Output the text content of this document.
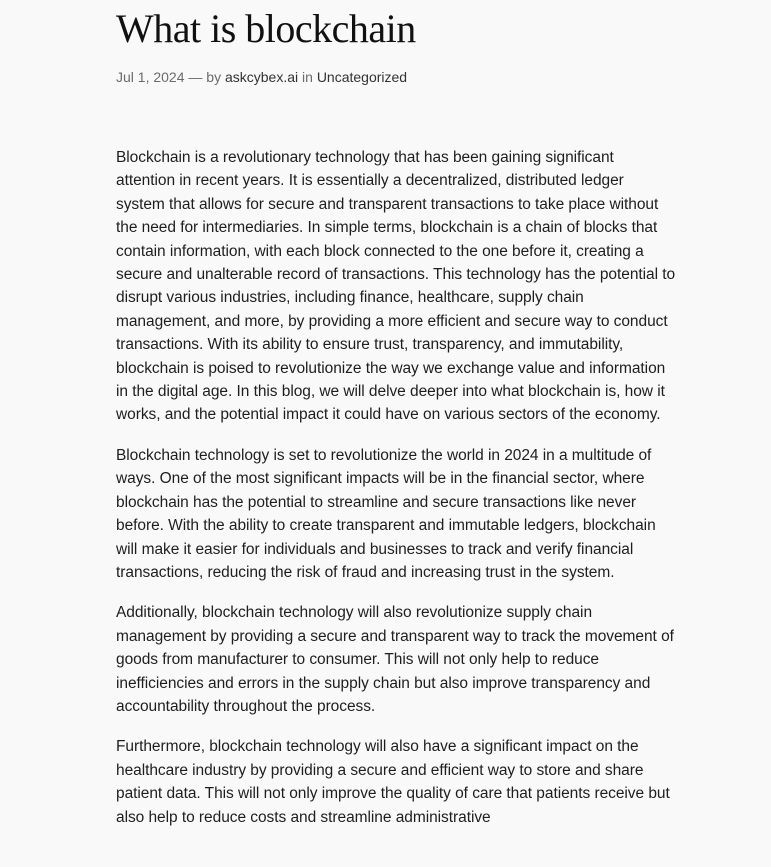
What is blockchain
Jul 1, 2024 — by askcybex.ai in Uncategorized

Blockchain is a revolutionary technology that has been gaining significant attention in recent years. It is essentially a decentralized, distributed ledger system that allows for secure and transparent transactions to take place without the need for intermediaries. In simple terms, blockchain is a chain of blocks that contain information, with each block connected to the one before it, creating a secure and unalterable record of transactions. This technology has the potential to disrupt various industries, including finance, healthcare, supply chain management, and more, by providing a more efficient and secure way to conduct transactions. With its ability to ensure trust, transparency, and immutability, blockchain is poised to revolutionize the way we exchange value and information in the digital age. In this blog, we will delve deeper into what blockchain is, how it works, and the potential impact it could have on various sectors of the economy.

Blockchain technology is set to revolutionize the world in 2024 in a multitude of ways. One of the most significant impacts will be in the financial sector, where blockchain has the potential to streamline and secure transactions like never before. With the ability to create transparent and immutable ledgers, blockchain will make it easier for individuals and businesses to track and verify financial transactions, reducing the risk of fraud and increasing trust in the system.

Additionally, blockchain technology will also revolutionize supply chain management by providing a secure and transparent way to track the movement of goods from manufacturer to consumer. This will not only help to reduce inefficiencies and errors in the supply chain but also improve transparency and accountability throughout the process.

Furthermore, blockchain technology will also have a significant impact on the healthcare industry by providing a secure and efficient way to store and share patient data. This will not only improve the quality of care that patients receive but also help to reduce costs and streamline administrative
